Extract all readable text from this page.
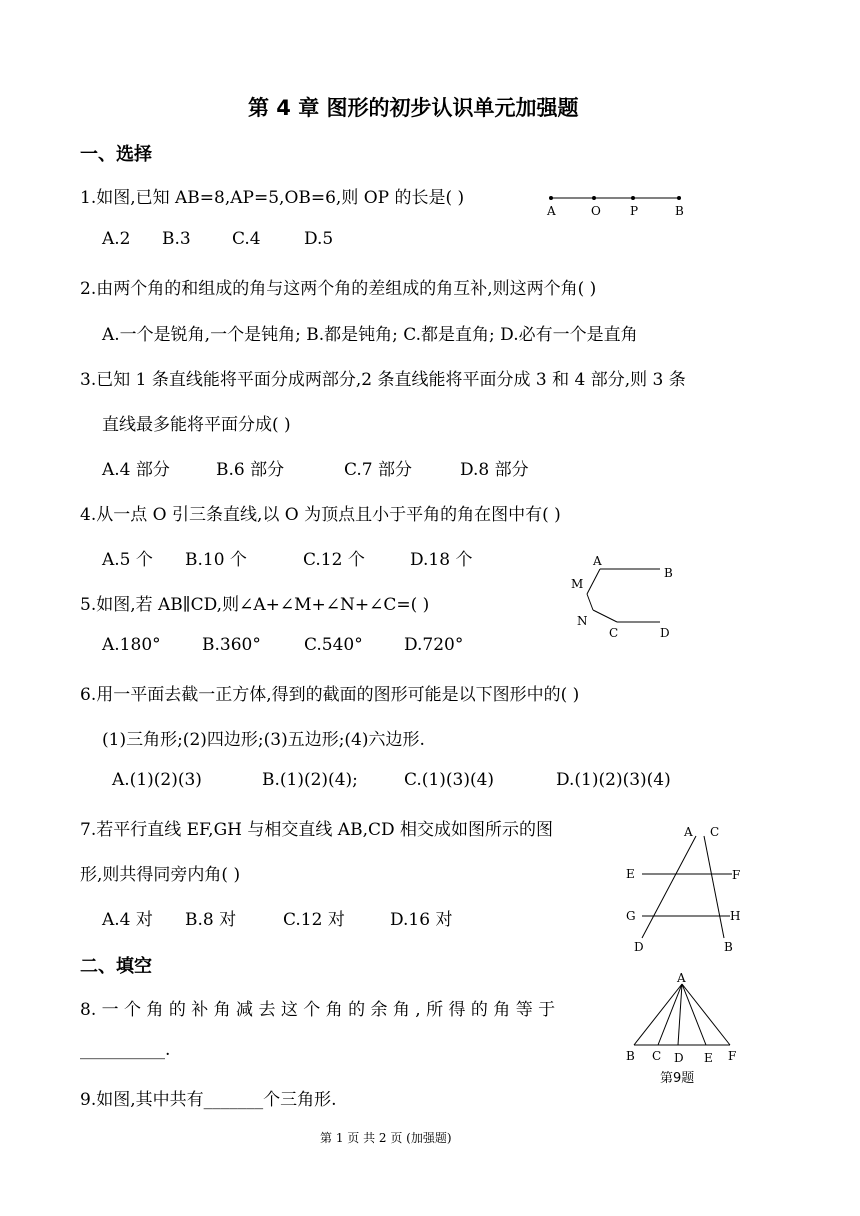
第 4 章 图形的初步认识单元加强题
一、选择
1.如图,已知 AB=8,AP=5,OB=6,则 OP 的长是( )
A	O P	B
A.2 B.3 C.4	D.5
2.由两个角的和组成的角与这两个角的差组成的角互补,则这两个角( )
A.一个是锐角,一个是钝角; B.都是钝角; C.都是直角; D.必有一个是直角
3.已知 1 条直线能将平面分成两部分,2 条直线能将平面分成 3 和 4 部分,则 3 条
直线最多能将平面分成( )
A.4 部分	B.6 部分	C.7 部分	D.8 部分
4.从一点 O 引三条直线,以 O 为顶点且小于平角的角在图中有( )
A.5 个 B.10 个	C.12 个	D.18 个	A
B
M
N
C	D
5.如图,若 AB∥CD,则∠A+∠M+∠N+∠C=( )
A.180° B.360°	C.540° D.720°
6.用一平面去截一正方体,得到的截面的图形可能是以下图形中的( )
(1)三角形;(2)四边形;(3)五边形;(4)六边形.
A.(1)(2)(3)	B.(1)(2)(4);	C.(1)(3)(4)	D.(1)(2)(3)(4)
7.若平行直线 EF,GH 与相交直线 AB,CD 相交成如图所示的图
形,则共得同旁内角( )
A.4 对 B.8 对	C.12 对	D.16 对
A C
E	F
G	H
D	B
二、填空
8. 一 个 角 的 补 角 减 去 这 个 角 的 余 角 , 所 得 的 角 等 于
__________.
9.如图,其中共有_______个三角形.
A
B C D E F
第9题
第 1 页 共 2 页 (加强题)
